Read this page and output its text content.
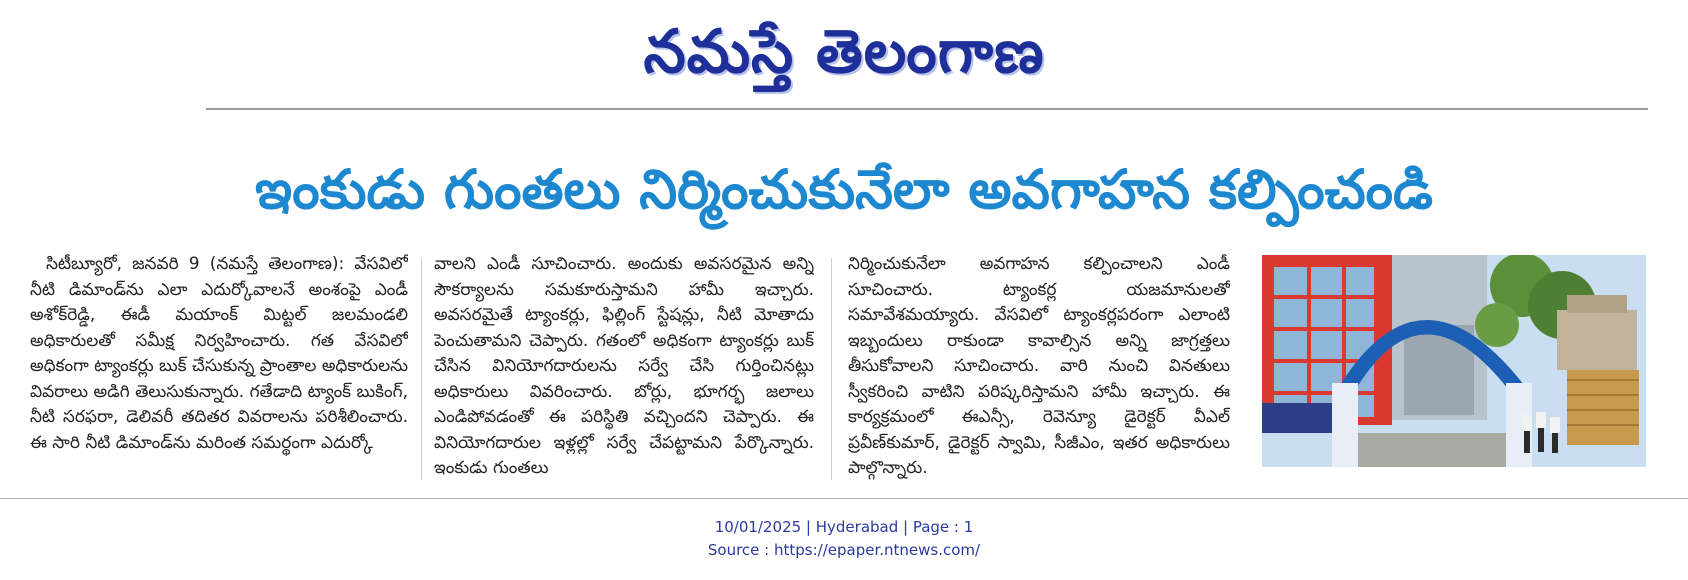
నమస్తే తెలంగాణ
ఇంకుడు గుంతలు నిర్మించుకునేలా అవగాహన కల్పించండి
సిటీబ్యూరో, జనవరి 9 (నమస్తే తెలంగాణ): వేసవిలో నీటి డిమాండ్‌ను ఎలా ఎదుర్కోవాలనే అంశంపై ఎండీ అశోక్‌రెడ్డి, ఈడీ మయాంక్ మిట్టల్ జలమండలి అధికారులతో సమీక్ష నిర్వహించారు. గత వేసవిలో అధికంగా ట్యాంకర్లు బుక్ చేసుకున్న ప్రాంతాల అధికారులను వివరాలు అడిగి తెలుసుకున్నారు. గతేడాది ట్యాంక్ బుకింగ్, నీటి సరఫరా, డెలివరీ తదితర వివరాలను పరిశీలించారు. ఈ సారి నీటి డిమాండ్‌ను మరింత సమర్థంగా ఎదుర్కో
వాలని ఎండీ సూచించారు. అందుకు అవసరమైన అన్ని సౌకర్యాలను సమకూరుస్తామని హామీ ఇచ్చారు. అవసరమైతే ట్యాంకర్లు, ఫిల్లింగ్ స్టేషన్లు, నీటి మోతాదు పెంచుతామని చెప్పారు. గతంలో అధికంగా ట్యాంకర్లు బుక్ చేసిన వినియోగదారులను సర్వే చేసి గుర్తించినట్లు అధికారులు వివరించారు. బోర్లు, భూగర్భ జలాలు ఎండిపోవడంతో ఈ పరిస్థితి వచ్చిందని చెప్పారు. ఈ వినియోగదారుల ఇళ్లల్లో సర్వే చేపట్టామని పేర్కొన్నారు. ఇంకుడు గుంతలు
నిర్మించుకునేలా అవగాహన కల్పించాలని ఎండీ సూచించారు. ట్యాంకర్ల యజమానులతో సమావేశమయ్యారు. వేసవిలో ట్యాంకర్లపరంగా ఎలాంటి ఇబ్బందులు రాకుండా కావాల్సిన అన్ని జాగ్రత్తలు తీసుకోవాలని సూచించారు. వారి నుంచి వినతులు స్వీకరించి వాటిని పరిష్కరిస్తామని హామీ ఇచ్చారు. ఈ కార్యక్రమంలో ఈఎన్సీ, రెవెన్యూ డైరెక్టర్ వీఎల్ ప్రవీణ్‌కుమార్, డైరెక్టర్ స్వామి, సీజీఎం, ఇతర అధికారులు పాల్గొన్నారు.
10/01/2025 | Hyderabad | Page : 1
Source : https://epaper.ntnews.com/
